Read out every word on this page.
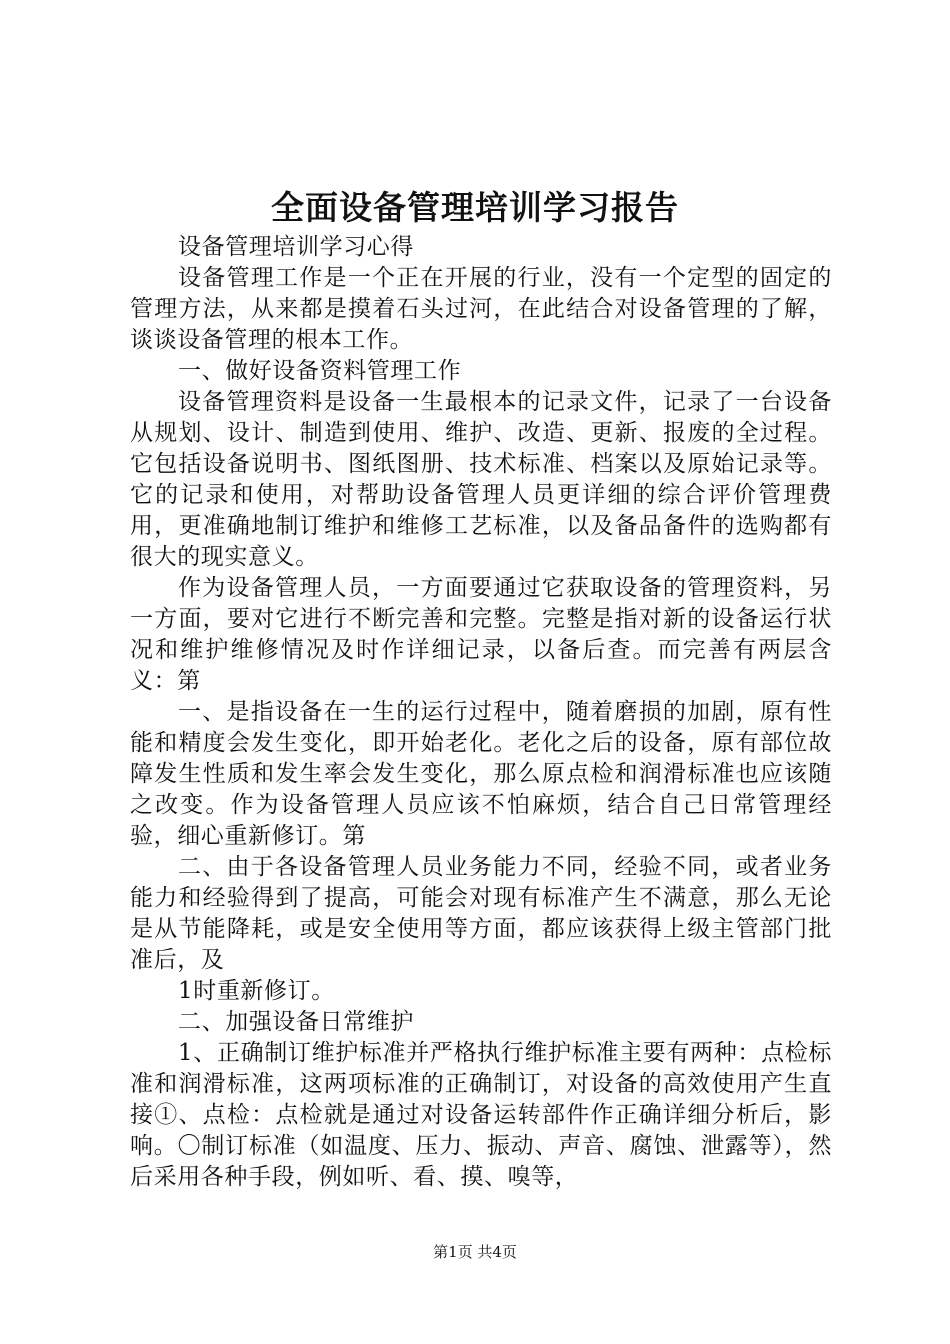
全面设备管理培训学习报告

设备管理培训学习心得

设备管理工作是一个正在开展的行业，没有一个定型的固定的管理方法，从来都是摸着石头过河，在此结合对设备管理的了解，谈谈设备管理的根本工作。

一、做好设备资料管理工作

设备管理资料是设备一生最根本的记录文件，记录了一台设备从规划、设计、制造到使用、维护、改造、更新、报废的全过程。它包括设备说明书、图纸图册、技术标准、档案以及原始记录等。它的记录和使用，对帮助设备管理人员更详细的综合评价管理费用，更准确地制订维护和维修工艺标准，以及备品备件的选购都有很大的现实意义。

作为设备管理人员，一方面要通过它获取设备的管理资料，另一方面，要对它进行不断完善和完整。完整是指对新的设备运行状况和维护维修情况及时作详细记录，以备后查。而完善有两层含义：第

一、是指设备在一生的运行过程中，随着磨损的加剧，原有性能和精度会发生变化，即开始老化。老化之后的设备，原有部位故障发生性质和发生率会发生变化，那么原点检和润滑标准也应该随之改变。作为设备管理人员应该不怕麻烦，结合自己日常管理经验，细心重新修订。第

二、由于各设备管理人员业务能力不同，经验不同，或者业务能力和经验得到了提高，可能会对现有标准产生不满意，那么无论是从节能降耗，或是安全使用等方面，都应该获得上级主管部门批准后，及

1时重新修订。

二、加强设备日常维护

1、正确制订维护标准并严格执行维护标准主要有两种：点检标准和润滑标准，这两项标准的正确制订，对设备的高效使用产生直接①、点检：点检就是通过对设备运转部件作正确详细分析后，影响。〇制订标准（如温度、压力、振动、声音、腐蚀、泄露等），然后采用各种手段，例如听、看、摸、嗅等，

第1页 共4页
